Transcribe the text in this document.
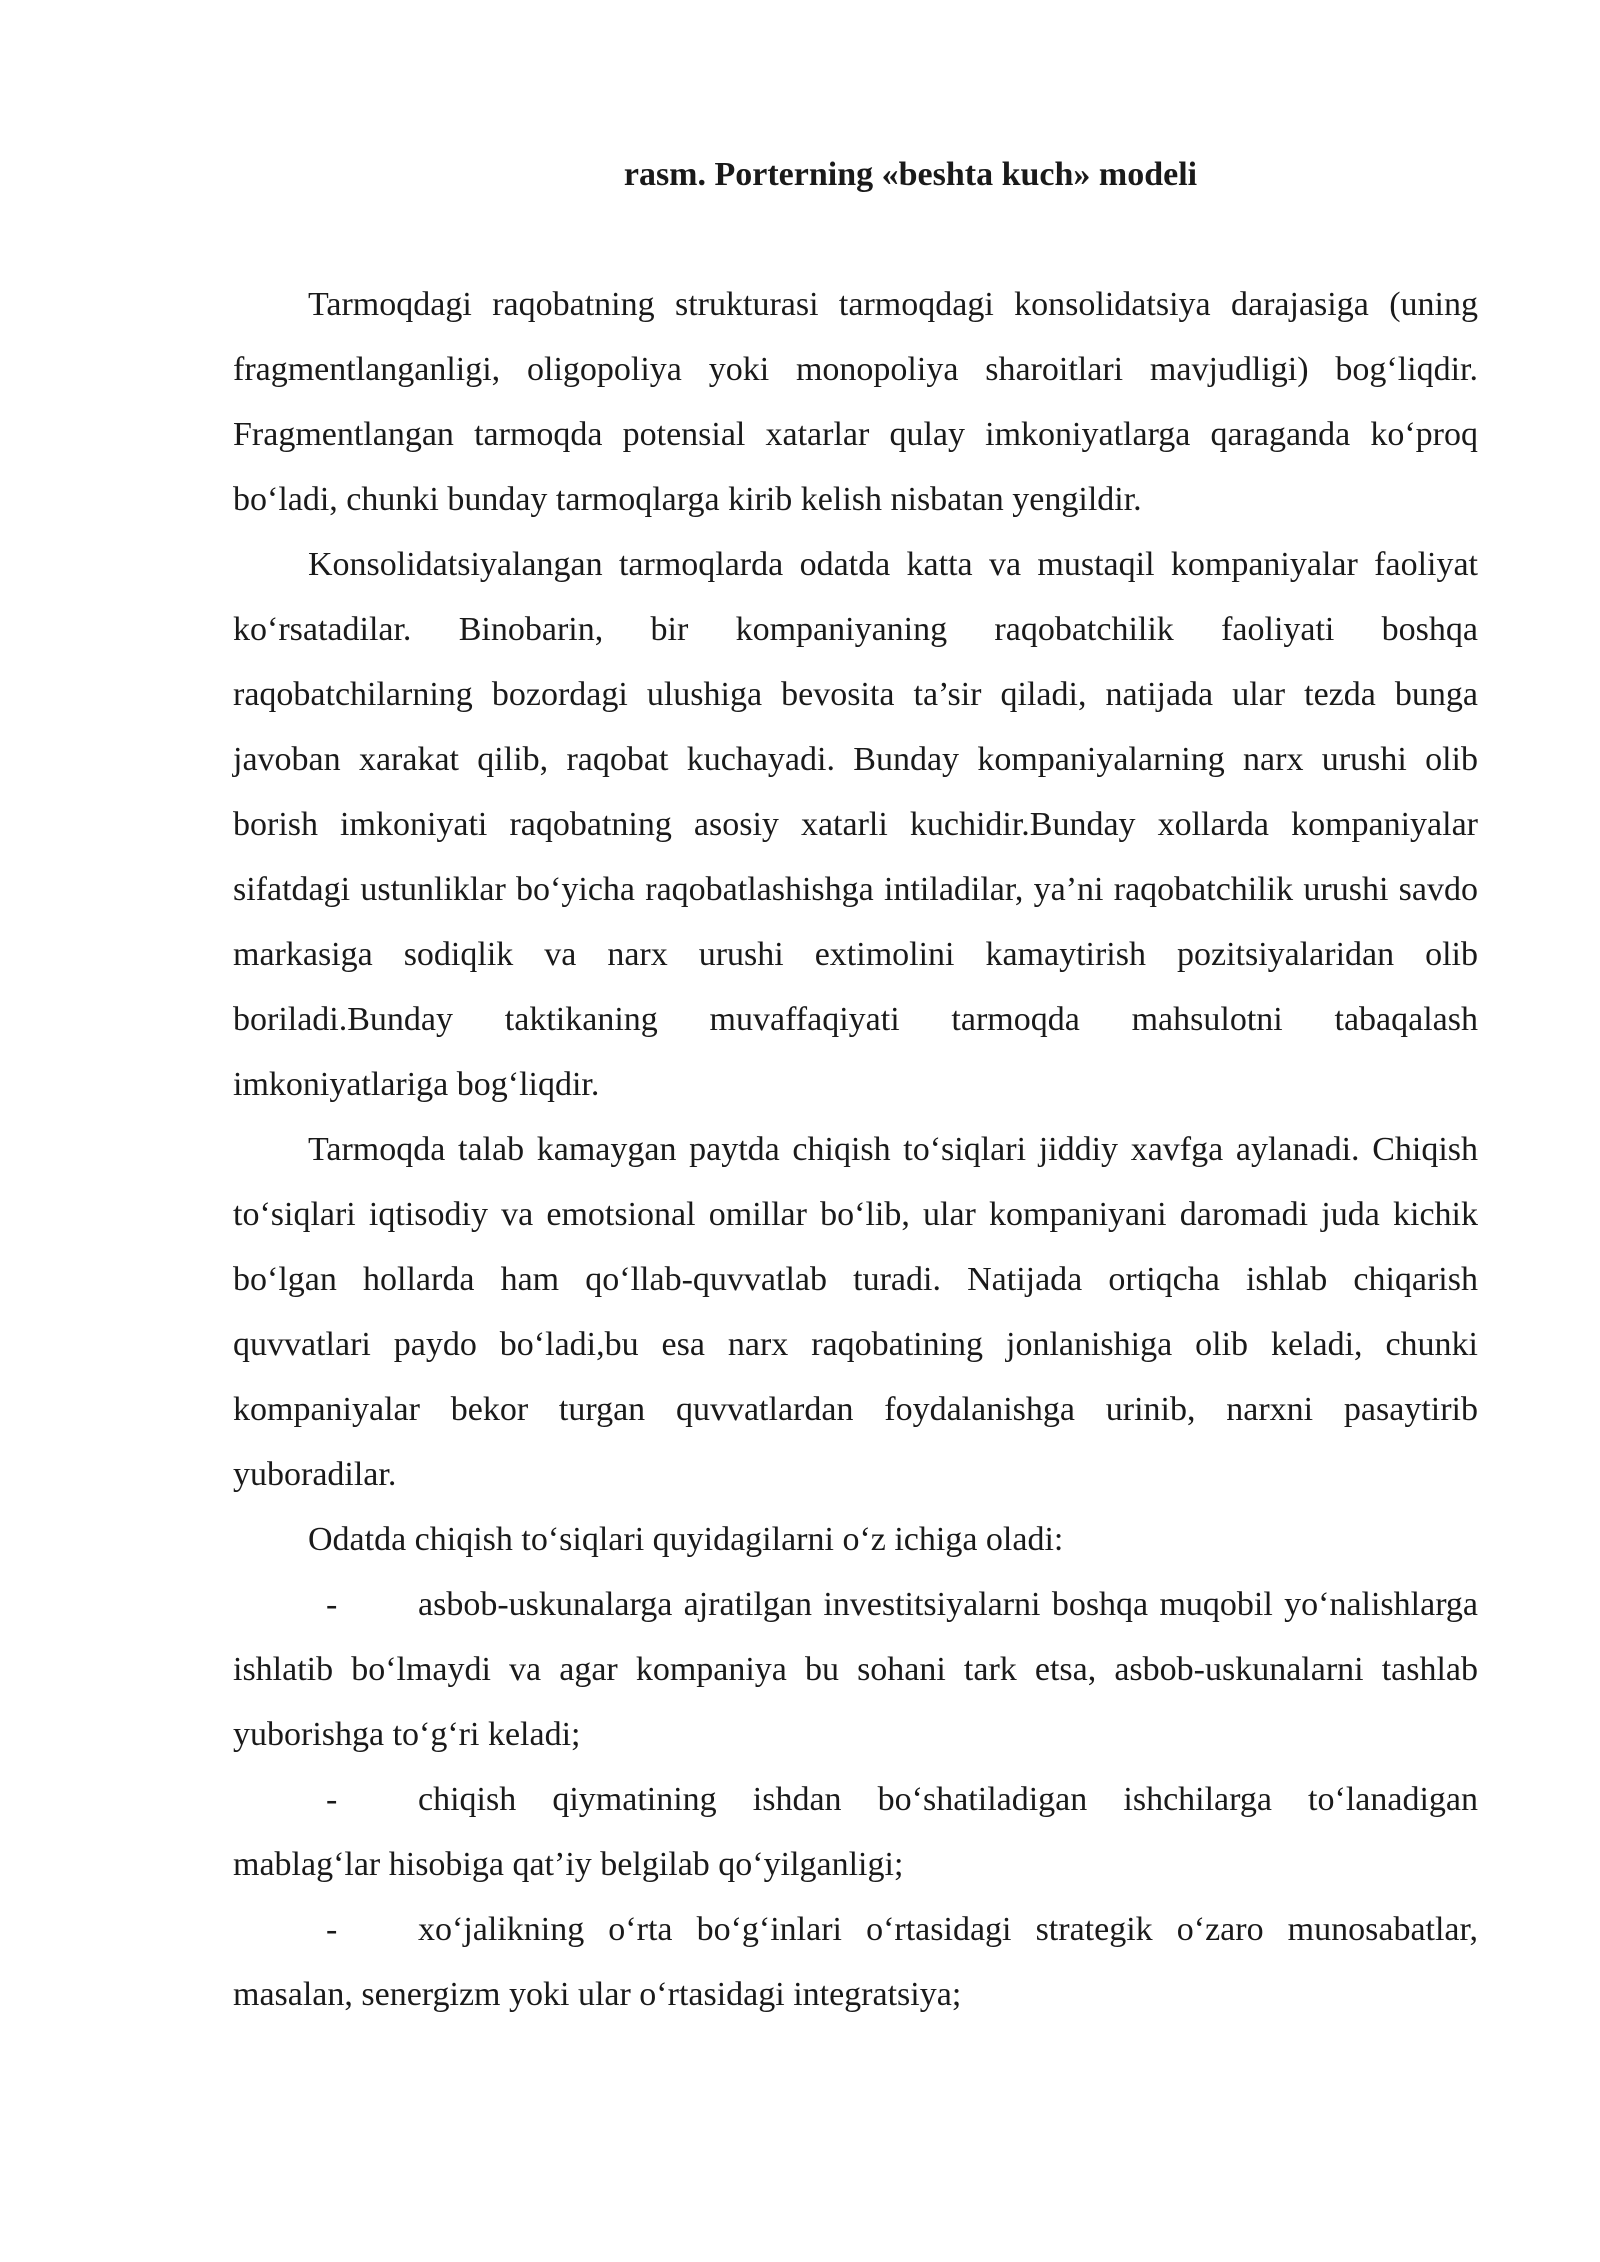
rasm. Porterning «beshta kuch» modeli

Tarmoqdagi raqobatning strukturasi tarmoqdagi konsolidatsiya darajasiga (uning fragmentlanganligi, oligopoliya yoki monopoliya sharoitlari mavjudligi) bog‘liqdir. Fragmentlangan tarmoqda potensial xatarlar qulay imkoniyatlarga qaraganda ko‘proq bo‘ladi, chunki bunday tarmoqlarga kirib kelish nisbatan yengildir.

Konsolidatsiyalangan tarmoqlarda odatda katta va mustaqil kompaniyalar faoliyat ko‘rsatadilar. Binobarin, bir kompaniyaning raqobatchilik faoliyati boshqa raqobatchilarning bozordagi ulushiga bevosita ta’sir qiladi, natijada ular tezda bunga javoban xarakat qilib, raqobat kuchayadi. Bunday kompaniyalarning narx urushi olib borish imkoniyati raqobatning asosiy xatarli kuchidir.Bunday xollarda kompaniyalar sifatdagi ustunliklar bo‘yicha raqobatlashishga intiladilar, ya’ni raqobatchilik urushi savdo markasiga sodiqlik va narx urushi extimolini kamaytirish pozitsiyalaridan olib boriladi.Bunday taktikaning muvaffaqiyati tarmoqda mahsulotni tabaqalash imkoniyatlariga bog‘liqdir.

Tarmoqda talab kamaygan paytda chiqish to‘siqlari jiddiy xavfga aylanadi. Chiqish to‘siqlari iqtisodiy va emotsional omillar bo‘lib, ular kompaniyani daromadi juda kichik bo‘lgan hollarda ham qo‘llab-quvvatlab turadi. Natijada ortiqcha ishlab chiqarish quvvatlari paydo bo‘ladi,bu esa narx raqobatining jonlanishiga olib keladi, chunki kompaniyalar bekor turgan quvvatlardan foydalanishga urinib, narxni pasaytirib yuboradilar.

Odatda chiqish to‘siqlari quyidagilarni o‘z ichiga oladi:

- asbob-uskunalarga ajratilgan investitsiyalarni boshqa muqobil yo‘nalishlarga ishlatib bo‘lmaydi va agar kompaniya bu sohani tark etsa, asbob-uskunalarni tashlab yuborishga to‘g‘ri keladi;
- chiqish qiymatining ishdan bo‘shatiladigan ishchilarga to‘lanadigan mablag‘lar hisobiga qat’iy belgilab qo‘yilganligi;
- xo‘jalikning o‘rta bo‘g‘inlari o‘rtasidagi strategik o‘zaro munosabatlar, masalan, senergizm yoki ular o‘rtasidagi integratsiya;
